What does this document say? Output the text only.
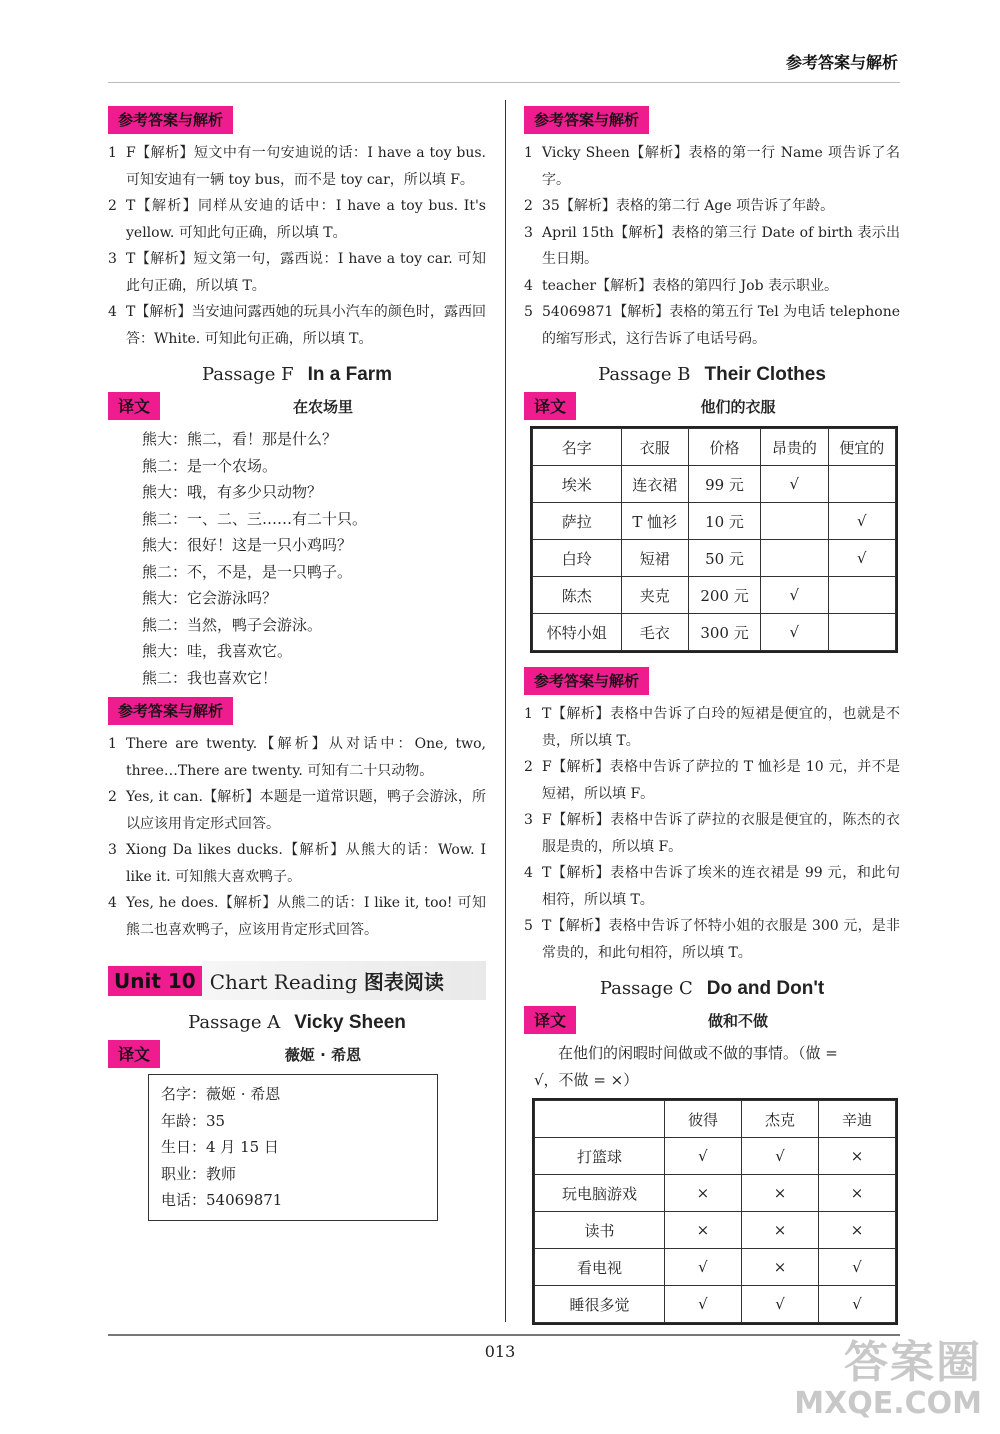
参考答案与解析
参考答案与解析
1 F【解析】短文中有一句安迪说的话：I have a toy bus. 可知安迪有一辆 toy bus，而不是 toy car，所以填 F。
2 T【解析】同样从安迪的话中：I have a toy bus. It's yellow. 可知此句正确，所以填 T。
3 T【解析】短文第一句，露西说：I have a toy car. 可知此句正确，所以填 T。
4 T【解析】当安迪问露西她的玩具小汽车的颜色时，露西回答：White. 可知此句正确，所以填 T。
Passage F In a Farm
译文	在农场里
熊大：熊二，看！那是什么？
熊二：是一个农场。
熊大：哦，有多少只动物？
熊二：一、二、三……有二十只。
熊大：很好！这是一只小鸡吗？
熊二：不，不是，是一只鸭子。
熊大：它会游泳吗？
熊二：当然，鸭子会游泳。
熊大：哇，我喜欢它。
熊二：我也喜欢它！
参考答案与解析
1 There are twenty.【解析】从对话中：One, two, three…There are twenty. 可知有二十只动物。
2 Yes, it can.【解析】本题是一道常识题，鸭子会游泳，所以应该用肯定形式回答。
3 Xiong Da likes ducks.【解析】从熊大的话：Wow. I like it. 可知熊大喜欢鸭子。
4 Yes, he does.【解析】从熊二的话：I like it, too! 可知熊二也喜欢鸭子，应该用肯定形式回答。
Unit 10 Chart Reading 图表阅读
Passage A Vicky Sheen
译文	薇姬 · 希恩
名字：薇姬 · 希恩
年龄：35
生日：4 月 15 日
职业：教师
电话：54069871
参考答案与解析
1 Vicky Sheen【解析】表格的第一行 Name 项告诉了名字。
2 35【解析】表格的第二行 Age 项告诉了年龄。
3 April 15th【解析】表格的第三行 Date of birth 表示出生日期。
4 teacher【解析】表格的第四行 Job 表示职业。
5 54069871【解析】表格的第五行 Tel 为电话 telephone 的缩写形式，这行告诉了电话号码。
Passage B Their Clothes
译文	他们的衣服
名字	衣服	价格	昂贵的	便宜的
埃米	连衣裙	99 元	√	
萨拉	T 恤衫	10 元		√
白玲	短裙	50 元		√
陈杰	夹克	200 元	√	
怀特小姐	毛衣	300 元	√	
参考答案与解析
1 T【解析】表格中告诉了白玲的短裙是便宜的，也就是不贵，所以填 T。
2 F【解析】表格中告诉了萨拉的 T 恤衫是 10 元，并不是短裙，所以填 F。
3 F【解析】表格中告诉了萨拉的衣服是便宜的，陈杰的衣服是贵的，所以填 F。
4 T【解析】表格中告诉了埃米的连衣裙是 99 元，和此句相符，所以填 T。
5 T【解析】表格中告诉了怀特小姐的衣服是 300 元，是非常贵的，和此句相符，所以填 T。
Passage C Do and Don't
译文	做和不做
在他们的闲暇时间做或不做的事情。（做 =
√，不做 = ×）
	彼得	杰克	辛迪
打篮球	√	√	×
玩电脑游戏	×	×	×
读书	×	×	×
看电视	√	×	√
睡很多觉	√	√	√
013	答案圈
MXQE.COM
